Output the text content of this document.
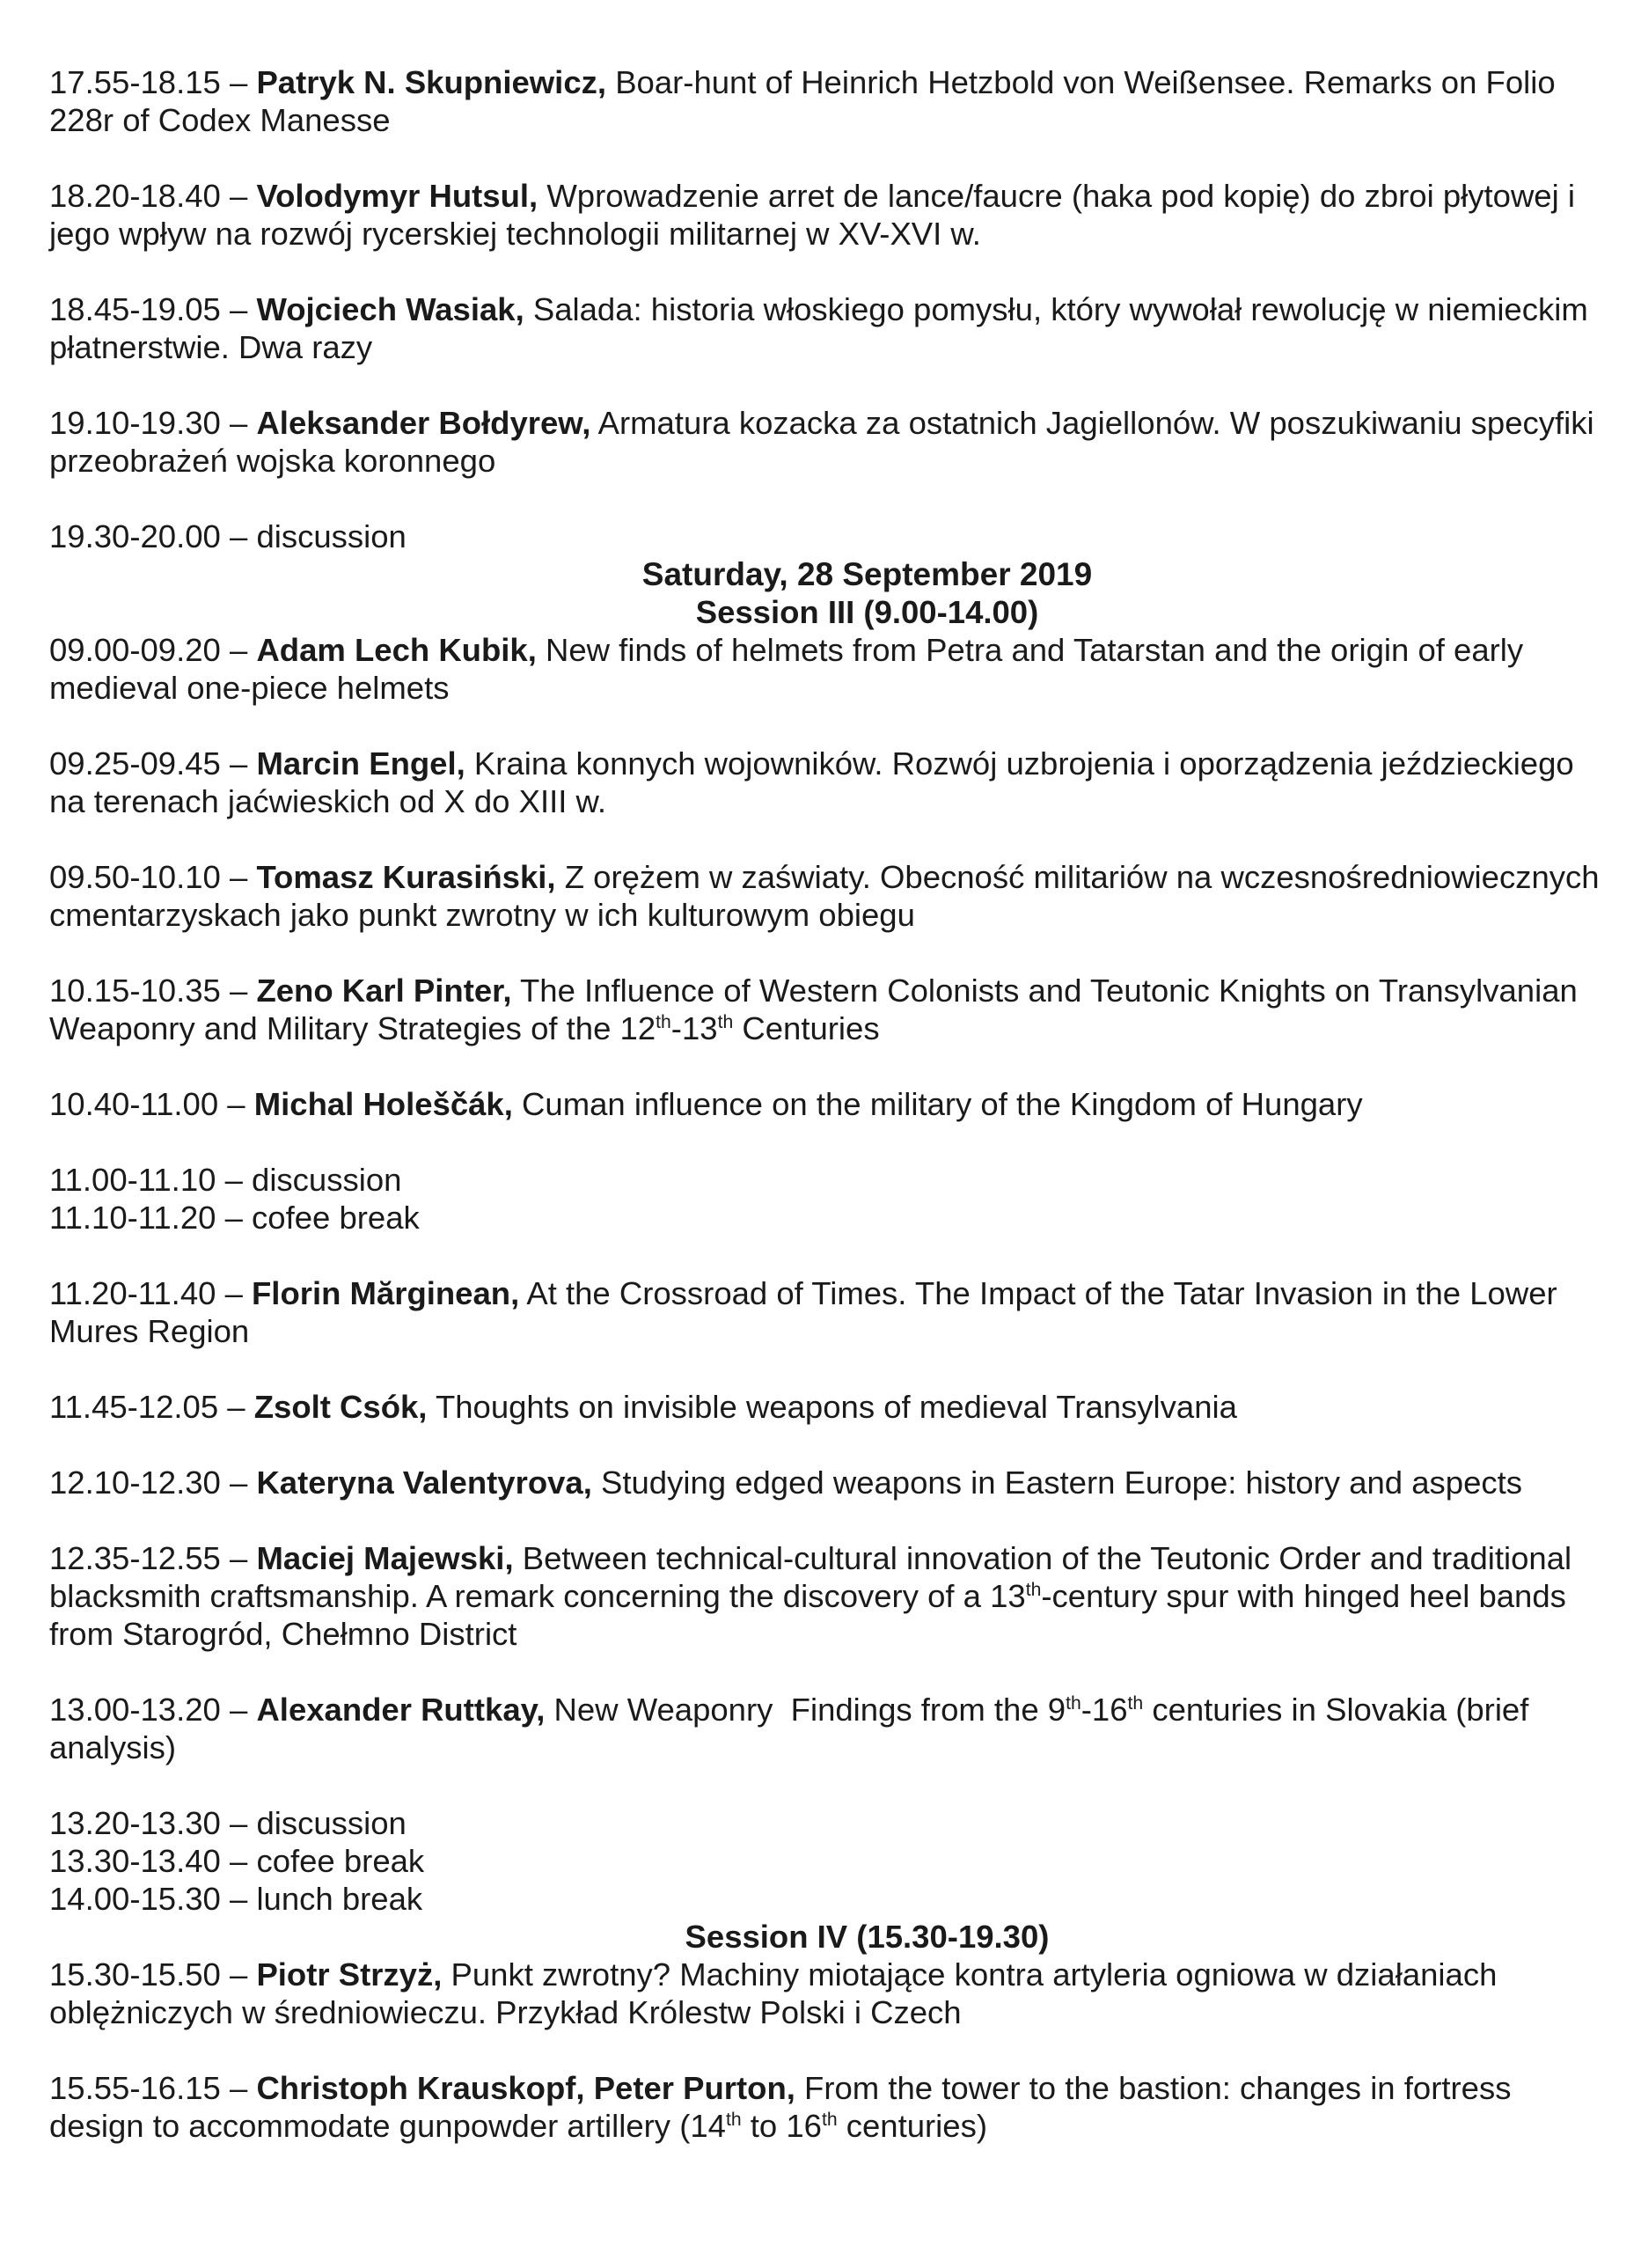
17.55-18.15 – Patryk N. Skupniewicz, Boar-hunt of Heinrich Hetzbold von Weißensee. Remarks on Folio 228r of Codex Manesse

18.20-18.40 – Volodymyr Hutsul, Wprowadzenie arret de lance/faucre (haka pod kopię) do zbroi płytowej i jego wpływ na rozwój rycerskiej technologii militarnej w XV-XVI w.

18.45-19.05 – Wojciech Wasiak, Salada: historia włoskiego pomysłu, który wywołał rewolucję w niemieckim płatnerstwie. Dwa razy

19.10-19.30 – Aleksander Bołdyrew, Armatura kozacka za ostatnich Jagiellonów. W poszukiwaniu specyfiki przeobrażeń wojska koronnego

19.30-20.00 – discussion

Saturday, 28 September 2019

Session III (9.00-14.00)

09.00-09.20 – Adam Lech Kubik, New finds of helmets from Petra and Tatarstan and the origin of early medieval one-piece helmets

09.25-09.45 – Marcin Engel, Kraina konnych wojowników. Rozwój uzbrojenia i oporządzenia jeździeckiego na terenach jaćwieskich od X do XIII w.

09.50-10.10 – Tomasz Kurasiński, Z orężem w zaświaty. Obecność militariów na wczesnośredniowiecznych cmentarzyskach jako punkt zwrotny w ich kulturowym obiegu

10.15-10.35 – Zeno Karl Pinter, The Influence of Western Colonists and Teutonic Knights on Transylvanian Weaponry and Military Strategies of the 12th-13th Centuries

10.40-11.00 – Michal Holeščák, Cuman influence on the military of the Kingdom of Hungary

11.00-11.10 – discussion

11.10-11.20 – cofee break

11.20-11.40 – Florin Mărginean, At the Crossroad of Times. The Impact of the Tatar Invasion in the Lower Mures Region

11.45-12.05 – Zsolt Csók, Thoughts on invisible weapons of medieval Transylvania

12.10-12.30 – Kateryna Valentyrova, Studying edged weapons in Eastern Europe: history and aspects

12.35-12.55 – Maciej Majewski, Between technical-cultural innovation of the Teutonic Order and traditional blacksmith craftsmanship. A remark concerning the discovery of a 13th-century spur with hinged heel bands from Starogród, Chełmno District

13.00-13.20 – Alexander Ruttkay, New Weaponry  Findings from the 9th-16th centuries in Slovakia (brief analysis)

13.20-13.30 – discussion

13.30-13.40 – cofee break

14.00-15.30 – lunch break

Session IV (15.30-19.30)

15.30-15.50 – Piotr Strzyż, Punkt zwrotny? Machiny miotające kontra artyleria ogniowa w działaniach oblężniczych w średniowieczu. Przykład Królestw Polski i Czech

15.55-16.15 – Christoph Krauskopf, Peter Purton, From the tower to the bastion: changes in fortress design to accommodate gunpowder artillery (14th to 16th centuries)
